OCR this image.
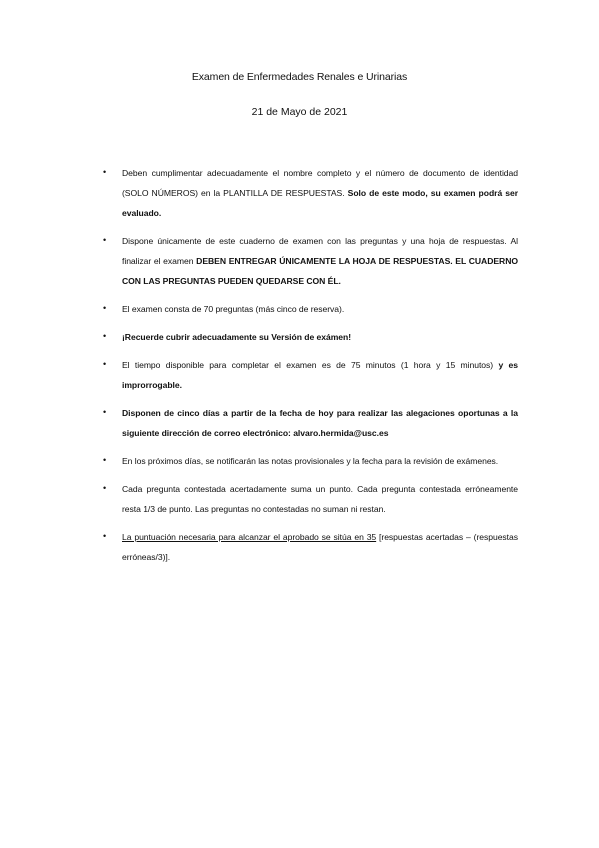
Examen de Enfermedades Renales e Urinarias
21 de Mayo de 2021
• Deben cumplimentar adecuadamente el nombre completo y el número de documento de identidad (SOLO NÚMEROS) en la PLANTILLA DE RESPUESTAS. Solo de este modo, su examen podrá ser evaluado.
• Dispone únicamente de este cuaderno de examen con las preguntas y una hoja de respuestas. Al finalizar el examen DEBEN ENTREGAR ÚNICAMENTE LA HOJA DE RESPUESTAS. EL CUADERNO CON LAS PREGUNTAS PUEDEN QUEDARSE CON ÉL.
• El examen consta de 70 preguntas (más cinco de reserva).
• ¡Recuerde cubrir adecuadamente su Versión de exámen!
• El tiempo disponible para completar el examen es de 75 minutos (1 hora y 15 minutos) y es improrrogable.
• Disponen de cinco días a partir de la fecha de hoy para realizar las alegaciones oportunas a la siguiente dirección de correo electrónico: alvaro.hermida@usc.es
• En los próximos días, se notificarán las notas provisionales y la fecha para la revisión de exámenes.
• Cada pregunta contestada acertadamente suma un punto. Cada pregunta contestada erróneamente resta 1/3 de punto. Las preguntas no contestadas no suman ni restan.
• La puntuación necesaria para alcanzar el aprobado se sitúa en 35 [respuestas acertadas – (respuestas erróneas/3)].
